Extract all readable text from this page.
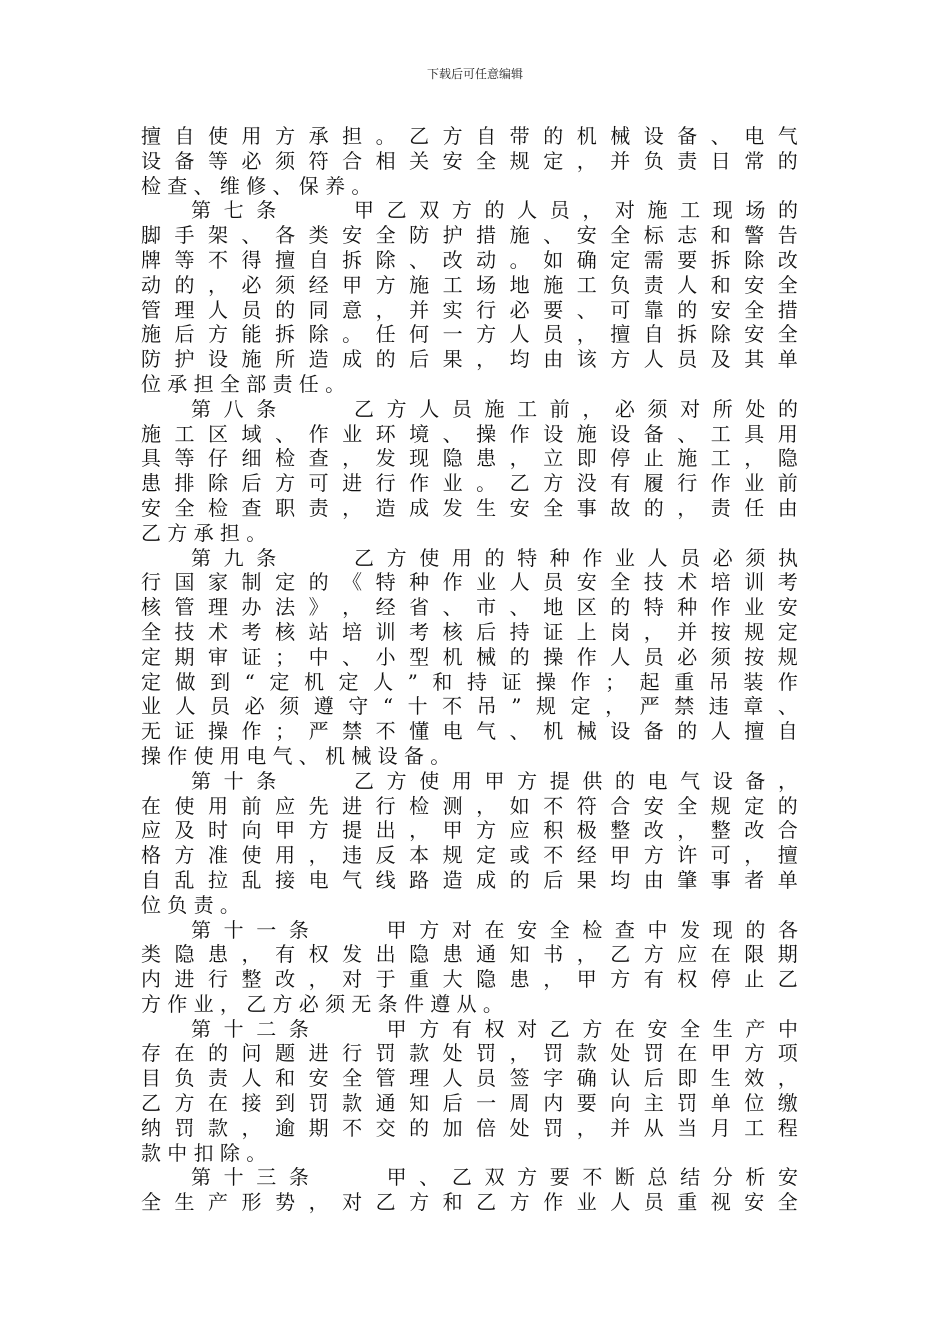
下载后可任意编辑
擅 自 使 用 方 承 担 。 乙 方 自 带 的 机 械 设 备 、 电 气
设 备 等 必 须 符 合 相 关 安 全 规 定 ， 并 负 责 日 常 的
检 查 、 维 修 、 保 养 。
第 七 条

　	甲 乙 双 方 的 人 员 ， 对 施 工 现 场 的
脚 手 架 、 各 类 安 全 防 护 措 施 、 安 全 标 志 和 警 告
牌 等 不 得 擅 自 拆 除 、 改 动 。 如 确 定 需 要 拆 除 改
动 的 ， 必 须 经 甲 方 施 工 场 地 施 工 负 责 人 和 安 全
管 理 人 员 的 同 意 ， 并 实 行 必 要 、 可 靠 的 安 全 措
施 后 方 能 拆 除 。 任 何 一 方 人 员 ， 擅 自 拆 除 安 全
防 护 设 施 所 造 成 的 后 果 ， 均 由 该 方 人 员 及 其 单
位 承 担 全 部 责 任 。
第 八 条

　	乙 方 人 员 施 工 前 ， 必 须 对 所 处 的
施 工 区 域 、 作 业 环 境 、 操 作 设 施 设 备 、 工 具 用
具 等 仔 细 检 查 ， 发 现 隐 患 ， 立 即 停 止 施 工 ， 隐
患 排 除 后 方 可 进 行 作 业 。 乙 方 没 有 履 行 作 业 前
安 全 检 查 职 责 ， 造 成 发 生 安 全 事 故 的 ， 责 任 由
乙 方 承 担 。
第 九 条

　	乙 方 使 用 的 特 种 作 业 人 员 必 须 执
行 国 家 制 定 的 《 特 种 作 业 人 员 安 全 技 术 培 训 考
核 管 理 办 法 》 ， 经 省 、 市 、 地 区 的 特 种 作 业 安
全 技 术 考 核 站 培 训 考 核 后 持 证 上 岗 ， 并 按 规 定
定 期 审 证 ； 中 、 小 型 机 械 的 操 作 人 员 必 须 按 规
定 做 到 “ 定 机 定 人 ” 和 持 证 操 作 ； 起 重 吊 装 作
业 人 员 必 须 遵 守 “ 十 不 吊 ” 规 定 ， 严 禁 违 章 、
无 证 操 作 ； 严 禁 不 懂 电 气 、 机 械 设 备 的 人 擅 自
操 作 使 用 电 气 、 机 械 设 备 。
第 十 条

　	乙 方 使 用 甲 方 提 供 的 电 气 设 备 ，
在 使 用 前 应 先 进 行 检 测 ， 如 不 符 合 安 全 规 定 的
应 及 时 向 甲 方 提 出 ， 甲 方 应 积 极 整 改 ， 整 改 合
格 方 准 使 用 ， 违 反 本 规 定 或 不 经 甲 方 许 可 ， 擅
自 乱 拉 乱 接 电 气 线 路 造 成 的 后 果 均 由 肇 事 者 单
位 负 责 。
第 十 一 条

　	甲 方 对 在 安 全 检 查 中 发 现 的 各
类 隐 患 ， 有 权 发 出 隐 患 通 知 书 ， 乙 方 应 在 限 期
内 进 行 整 改 ， 对 于 重 大 隐 患 ， 甲 方 有 权 停 止 乙
方 作 业 ， 乙 方 必 须 无 条 件 遵 从 。
第 十 二 条

　	甲 方 有 权 对 乙 方 在 安 全 生 产 中
存 在 的 问 题 进 行 罚 款 处 罚 ， 罚 款 处 罚 在 甲 方 项
目 负 责 人 和 安 全 管 理 人 员 签 字 确 认 后 即 生 效 ，
乙 方 在 接 到 罚 款 通 知 后 一 周 内 要 向 主 罚 单 位 缴
纳 罚 款 ， 逾 期 不 交 的 加 倍 处 罚 ， 并 从 当 月 工 程
款 中 扣 除 。
第 十 三 条

　	甲 、 乙 双 方 要 不 断 总 结 分 析 安
全 生 产 形 势 ， 对 乙 方 和 乙 方 作 业 人 员 重 视 安 全
